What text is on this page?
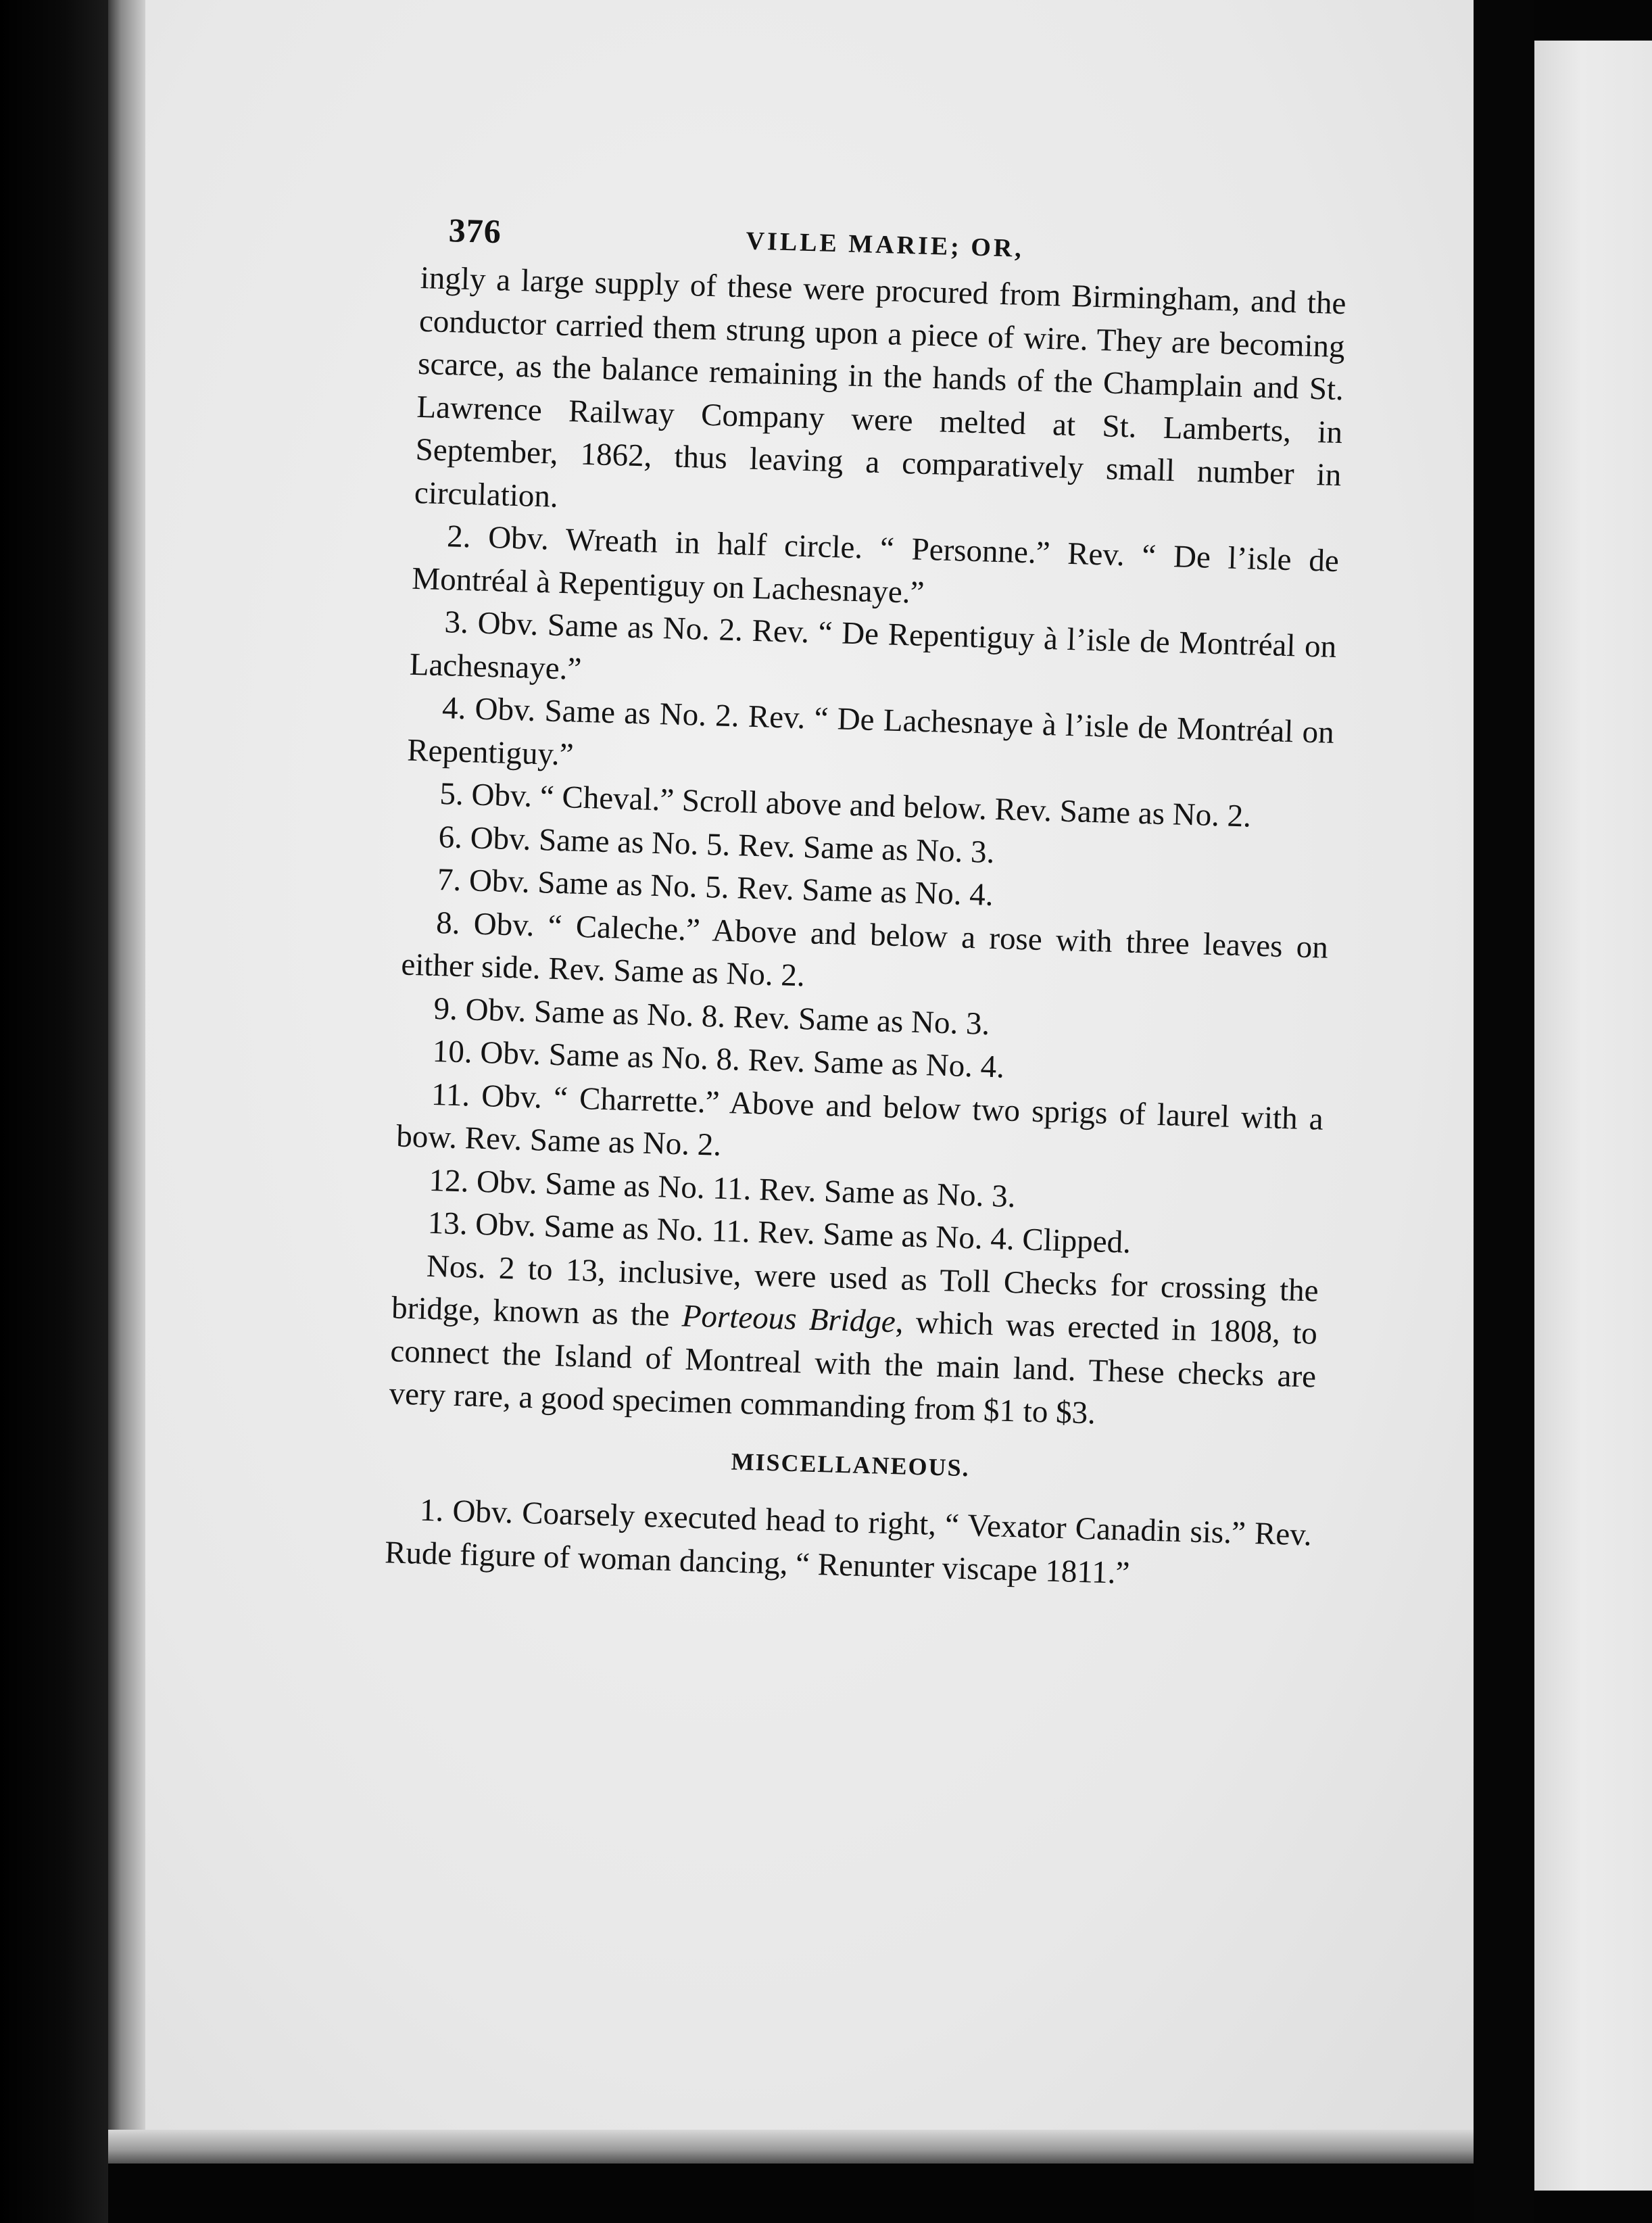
376	VILLE MARIE; OR,

ingly a large supply of these were procured from Birmingham, and the conductor carried them strung upon a piece of wire. They are becoming scarce, as the balance remaining in the hands of the Champlain and St. Lawrence Railway Company were melted at St. Lamberts, in September, 1862, thus leaving a comparatively small number in circulation.

2. Obv. Wreath in half circle. “ Personne.” Rev. “ De l’isle de Montréal à Repentiguy on Lachesnaye.”

3. Obv. Same as No. 2. Rev. “ De Repentiguy à l’isle de Montréal on Lachesnaye.”

4. Obv. Same as No. 2. Rev. “ De Lachesnaye à l’isle de Montréal on Repentiguy.”

5. Obv. “ Cheval.” Scroll above and below. Rev. Same as No. 2.

6. Obv. Same as No. 5. Rev. Same as No. 3.

7. Obv. Same as No. 5. Rev. Same as No. 4.

8. Obv. “ Caleche.” Above and below a rose with three leaves on either side. Rev. Same as No. 2.

9. Obv. Same as No. 8. Rev. Same as No. 3.

10. Obv. Same as No. 8. Rev. Same as No. 4.

11. Obv. “ Charrette.” Above and below two sprigs of laurel with a bow. Rev. Same as No. 2.

12. Obv. Same as No. 11. Rev. Same as No. 3.

13. Obv. Same as No. 11. Rev. Same as No. 4. Clipped.

Nos. 2 to 13, inclusive, were used as Toll Checks for crossing the bridge, known as the Porteous Bridge, which was erected in 1808, to connect the Island of Montreal with the main land. These checks are very rare, a good specimen commanding from $1 to $3.

MISCELLANEOUS.

1. Obv. Coarsely executed head to right, “ Vexator Canadin sis.” Rev. Rude figure of woman dancing, “ Renunter viscape 1811.”
